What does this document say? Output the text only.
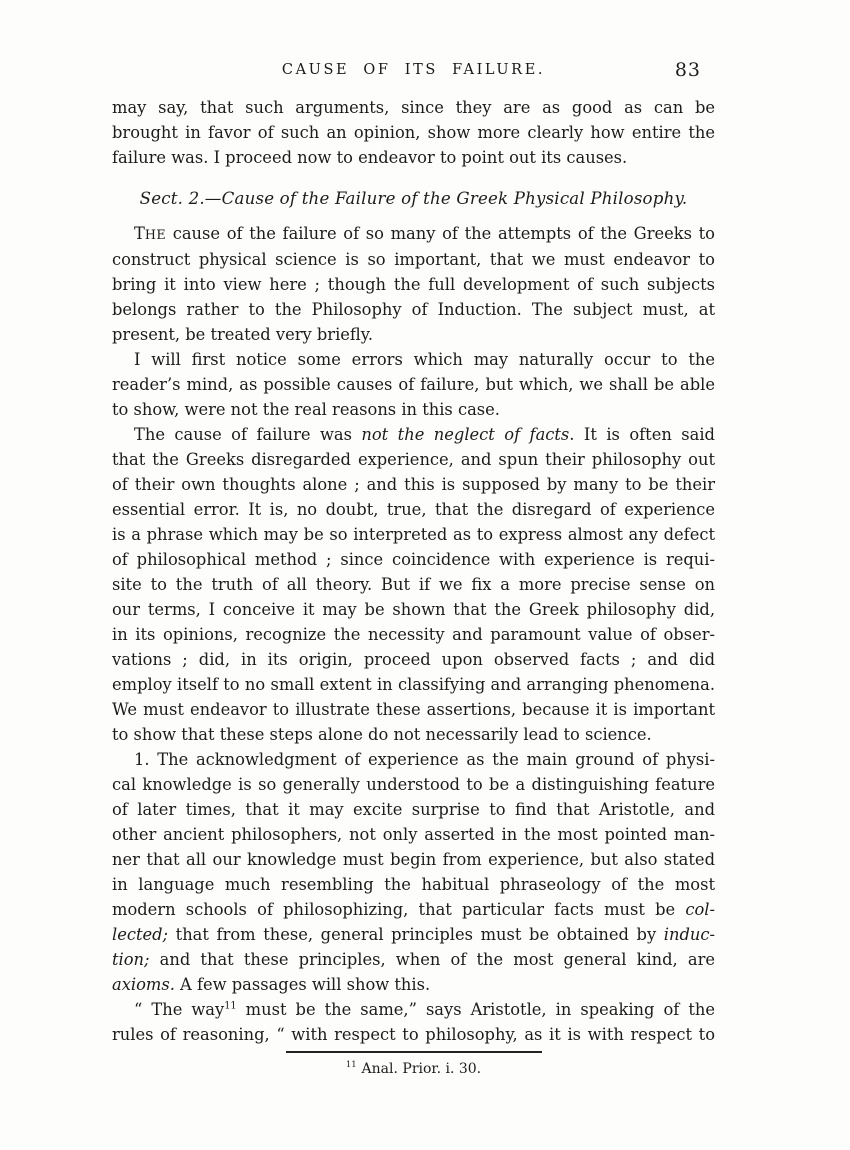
CAUSE OF ITS FAILURE.	83
may say, that such arguments, since they are as good as can be
brought in favor of such an opinion, show more clearly how entire the
failure was. I proceed now to endeavor to point out its causes.
Sect. 2.—Cause of the Failure of the Greek Physical Philosophy.
THE cause of the failure of so many of the attempts of the Greeks to
construct physical science is so important, that we must endeavor to
bring it into view here ; though the full development of such subjects
belongs rather to the Philosophy of Induction. The subject must, at
present, be treated very briefly.
I will first notice some errors which may naturally occur to the
reader’s mind, as possible causes of failure, but which, we shall be able
to show, were not the real reasons in this case.
The cause of failure was not the neglect of facts. It is often said
that the Greeks disregarded experience, and spun their philosophy out
of their own thoughts alone ; and this is supposed by many to be their
essential error. It is, no doubt, true, that the disregard of experience
is a phrase which may be so interpreted as to express almost any defect
of philosophical method ; since coincidence with experience is requi-
site to the truth of all theory. But if we fix a more precise sense on
our terms, I conceive it may be shown that the Greek philosophy did,
in its opinions, recognize the necessity and paramount value of obser-
vations ; did, in its origin, proceed upon observed facts ; and did
employ itself to no small extent in classifying and arranging phenomena.
We must endeavor to illustrate these assertions, because it is important
to show that these steps alone do not necessarily lead to science.
1. The acknowledgment of experience as the main ground of physi-
cal knowledge is so generally understood to be a distinguishing feature
of later times, that it may excite surprise to find that Aristotle, and
other ancient philosophers, not only asserted in the most pointed man-
ner that all our knowledge must begin from experience, but also stated
in language much resembling the habitual phraseology of the most
modern schools of philosophizing, that particular facts must be col-
lected; that from these, general principles must be obtained by induc-
tion; and that these principles, when of the most general kind, are
axioms. A few passages will show this.
“ The way$^{11}$ must be the same,” says Aristotle, in speaking of the
rules of reasoning, “ with respect to philosophy, as it is with respect to
$^{11}$ Anal. Prior. i. 30.
